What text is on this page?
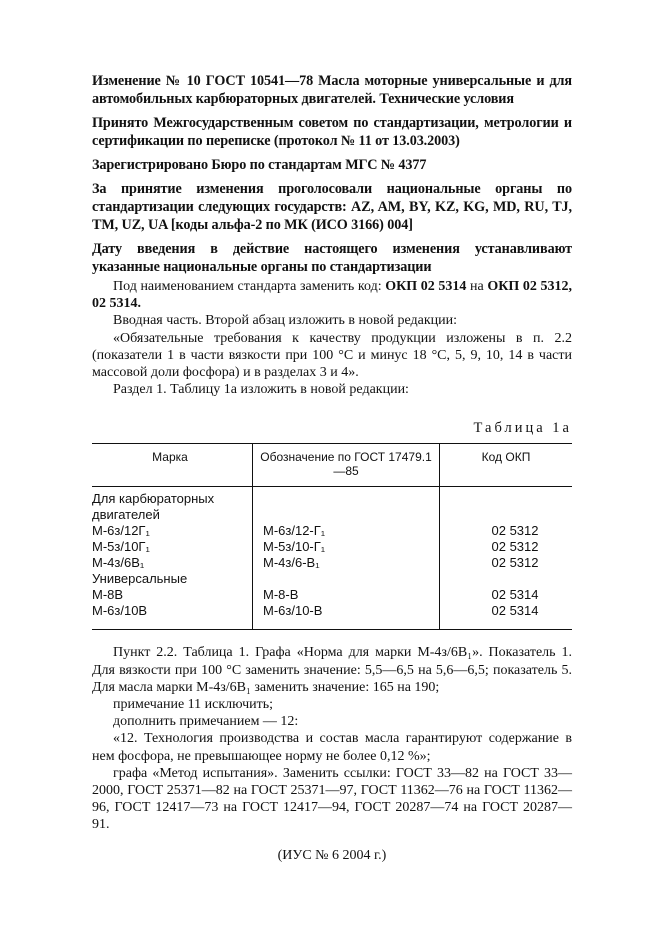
Изменение № 10 ГОСТ 10541—78 Масла моторные универсальные и для автомобильных карбюраторных двигателей. Технические условия

Принято Межгосударственным советом по стандартизации, метрологии и сертификации по переписке (протокол № 11 от 13.03.2003)

Зарегистрировано Бюро по стандартам МГС № 4377

За принятие изменения проголосовали национальные органы по стандартизации следующих государств: AZ, AM, BY, KZ, KG, MD, RU, TJ, TM, UZ, UA [коды альфа-2 по МК (ИСО 3166) 004]

Дату введения в действие настоящего изменения устанавливают указанные национальные органы по стандартизации

Под наименованием стандарта заменить код: ОКП 02 5314 на ОКП 02 5312, 02 5314.

Вводная часть. Второй абзац изложить в новой редакции:

«Обязательные требования к качеству продукции изложены в п. 2.2 (показатели 1 в части вязкости при 100 °С и минус 18 °С, 5, 9, 10, 14 в части массовой доли фосфора) и в разделах 3 и 4».

Раздел 1. Таблицу 1а изложить в новой редакции:

Таблица 1а
Марка	Обозначение по ГОСТ 17479.1—85	Код ОКП
Для карбюраторных двигателей		
М-6з/12Г₁	М-6з/12-Г₁	02 5312
М-5з/10Г₁	М-5з/10-Г₁	02 5312
М-4з/6В₁	М-4з/6-В₁	02 5312
Универсальные		
М-8В	М-8-В	02 5314
М-6з/10В	М-6з/10-В	02 5314

Пункт 2.2. Таблица 1. Графа «Норма для марки М-4з/6В₁». Показатель 1. Для вязкости при 100 °С заменить значение: 5,5—6,5 на 5,6—6,5; показатель 5. Для масла марки М-4з/6В₁ заменить значение: 165 на 190;

примечание 11 исключить;

дополнить примечанием — 12:

«12. Технология производства и состав масла гарантируют содержание в нем фосфора, не превышающее норму не более 0,12 %»;

графа «Метод испытания». Заменить ссылки: ГОСТ 33—82 на ГОСТ 33—2000, ГОСТ 25371—82 на ГОСТ 25371—97, ГОСТ 11362—76 на ГОСТ 11362—96, ГОСТ 12417—73 на ГОСТ 12417—94, ГОСТ 20287—74 на ГОСТ 20287—91.

(ИУС № 6 2004 г.)
